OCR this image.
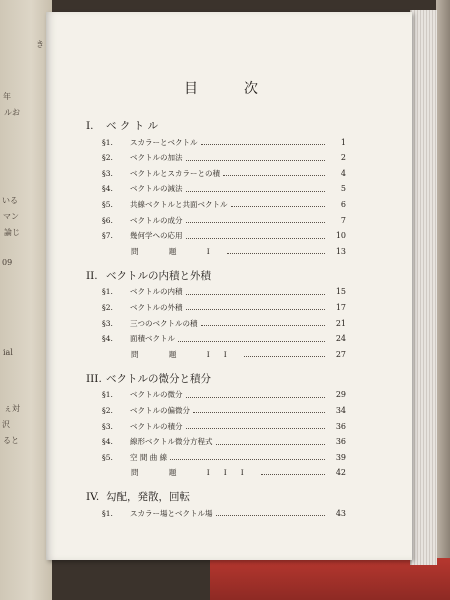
き
年
ルお
いる
マン
論じ
09
ial
ぇ対
沢
ると
目　次
I. ベ ク ト ル
§1.	スカラーとベクトル	1
§2.	ベクトルの加法	2
§3.	ベクトルとスカラーとの積	4
§4.	ベクトルの減法	5
§5.	共線ベクトルと共面ベクトル	6
§6.	ベクトルの成分	7
§7.	幾何学への応用	10
問 題 I	13
II. ベクトルの内積と外積
§1.	ベクトルの内積	15
§2.	ベクトルの外積	17
§3.	三つのベクトルの積	21
§4.	面積ベクトル	24
問 題 II	27
III. ベクトルの微分と積分
§1.	ベクトルの微分	29
§2.	ベクトルの偏微分	34
§3.	ベクトルの積分	36
§4.	線形ベクトル微分方程式	36
§5.	空 間 曲 線	39
問 題 III	42
IV. 勾配，発散，回転
§1.	スカラー場とベクトル場	43
